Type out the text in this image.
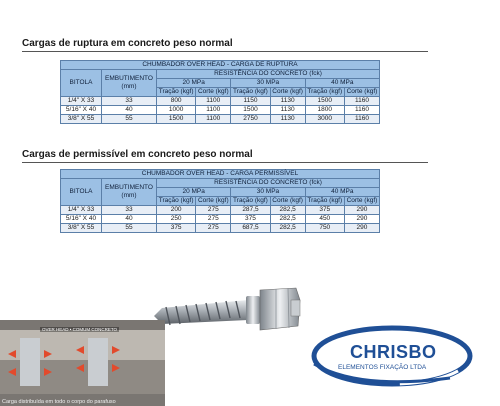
Cargas de ruptura em concreto peso normal
CHUMBADOR OVER HEAD - CARGA DE RUPTURA							
BITOLA	EMBUTIMENTO (mm)	RESISTÊNCIA DO CONCRETO (fck)					
		20 MPa		30 MPa		40 MPa	
		Tração (kgf)	Corte (kgf)	Tração (kgf)	Corte (kgf)	Tração (kgf)	Corte (kgf)
1/4" X 33	33	800	1100	1150	1130	1500	1160
5/16" X 40	40	1000	1100	1500	1130	1800	1160
3/8" X 55	55	1500	1100	2750	1130	3000	1160
Cargas de permissível em concreto peso normal
CHUMBADOR OVER HEAD - CARGA PERMISSÍVEL							
BITOLA	EMBUTIMENTO (mm)	RESISTÊNCIA DO CONCRETO (fck)					
		20 MPa		30 MPa		40 MPa	
		Tração (kgf)	Corte (kgf)	Tração (kgf)	Corte (kgf)	Tração (kgf)	Corte (kgf)
1/4" X 33	33	200	275	287,5	282,5	375	290
5/16" X 40	40	250	275	375	282,5	450	290
3/8" X 55	55	375	275	687,5	282,5	750	290
OVER HEAD • COMUM CONCRETO
Carga distribuída em todo o corpo do parafuso
CHRISBO
ELEMENTOS FIXAÇÃO LTDA
